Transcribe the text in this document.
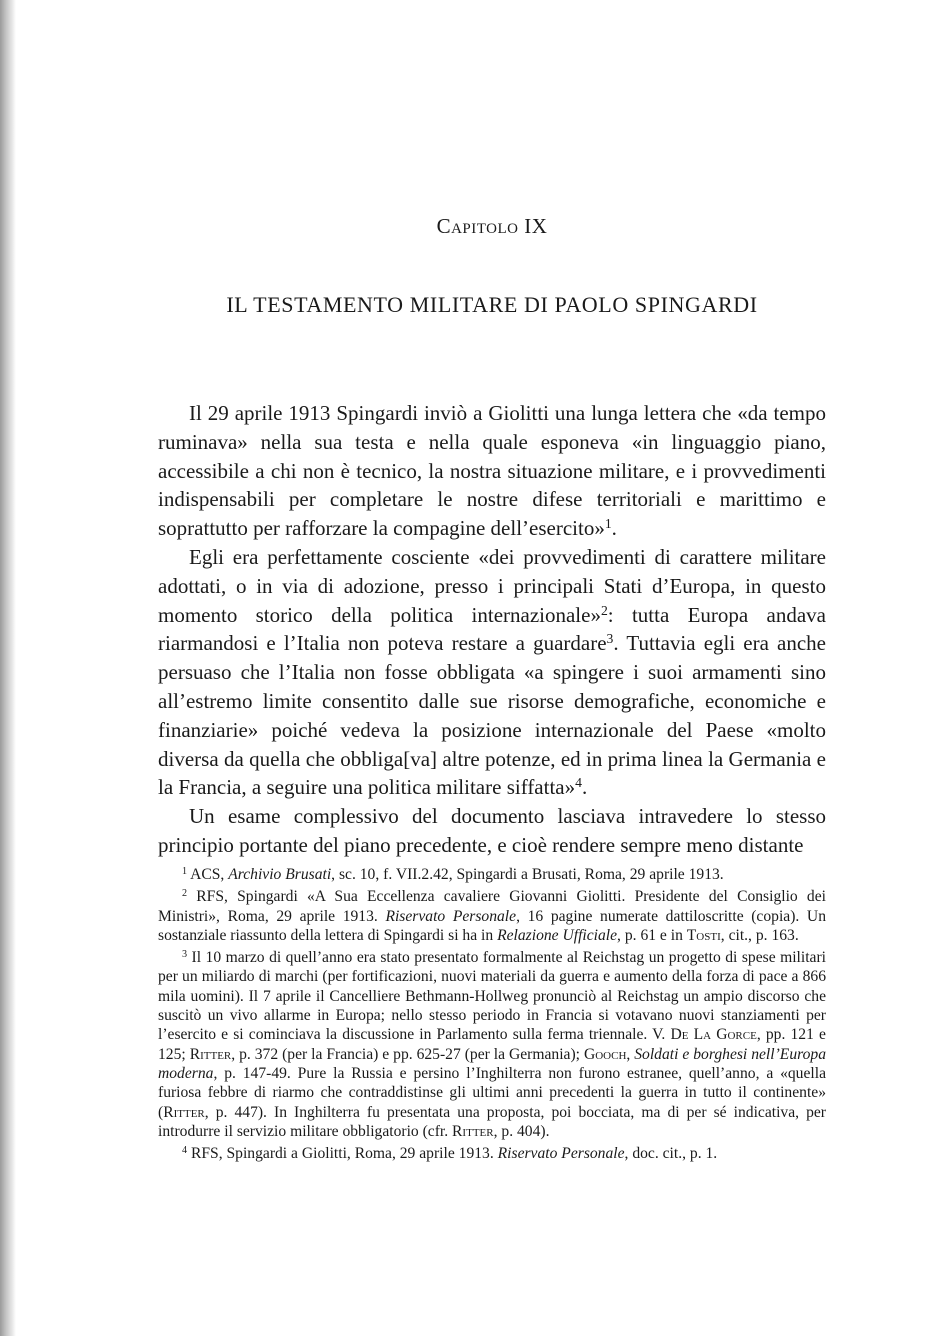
Capitolo IX
IL TESTAMENTO MILITARE DI PAOLO SPINGARDI

Il 29 aprile 1913 Spingardi inviò a Giolitti una lunga lettera che «da tempo ruminava» nella sua testa e nella quale esponeva «in linguaggio piano, accessibile a chi non è tecnico, la nostra situazione militare, e i provvedimenti indispensabili per completare le nostre difese territoriali e marittimo e soprattutto per rafforzare la compagine dell’esercito»$^1$.

Egli era perfettamente cosciente «dei provvedimenti di carattere militare adottati, o in via di adozione, presso i principali Stati d’Europa, in questo momento storico della politica internazionale»$^2$: tutta Europa andava riarmandosi e l’Italia non poteva restare a guardare$^3$. Tuttavia egli era anche persuaso che l’Italia non fosse obbligata «a spingere i suoi armamenti sino all’estremo limite consentito dalle sue risorse demografiche, economiche e finanziarie» poiché vedeva la posizione internazionale del Paese «molto diversa da quella che obbliga[va] altre potenze, ed in prima linea la Germania e la Francia, a seguire una politica militare siffatta»$^4$.

Un esame complessivo del documento lasciava intravedere lo stesso principio portante del piano precedente, e cioè rendere sempre meno distante

$^1$ ACS, Archivio Brusati, sc. 10, f. VII.2.42, Spingardi a Brusati, Roma, 29 aprile 1913.

$^2$ RFS, Spingardi «A Sua Eccellenza cavaliere Giovanni Giolitti. Presidente del Consiglio dei Ministri», Roma, 29 aprile 1913. Riservato Personale, 16 pagine numerate dattiloscritte (copia). Un sostanziale riassunto della lettera di Spingardi si ha in Relazione Ufficiale, p. 61 e in Tosti, cit., p. 163.

$^3$ Il 10 marzo di quell’anno era stato presentato formalmente al Reichstag un progetto di spese militari per un miliardo di marchi (per fortificazioni, nuovi materiali da guerra e aumento della forza di pace a 866 mila uomini). Il 7 aprile il Cancelliere Bethmann-Hollweg pronunciò al Reichstag un ampio discorso che suscitò un vivo allarme in Europa; nello stesso periodo in Francia si votavano nuovi stanziamenti per l’esercito e si cominciava la discussione in Parlamento sulla ferma triennale. V. De La Gorce, pp. 121 e 125; Ritter, p. 372 (per la Francia) e pp. 625-27 (per la Germania); Gooch, Soldati e borghesi nell’Europa moderna, p. 147-49. Pure la Russia e persino l’Inghilterra non furono estranee, quell’anno, a «quella furiosa febbre di riarmo che contraddistinse gli ultimi anni precedenti la guerra in tutto il continente» (Ritter, p. 447). In Inghilterra fu presentata una proposta, poi bocciata, ma di per sé indicativa, per introdurre il servizio militare obbligatorio (cfr. Ritter, p. 404).

$^4$ RFS, Spingardi a Giolitti, Roma, 29 aprile 1913. Riservato Personale, doc. cit., p. 1.
